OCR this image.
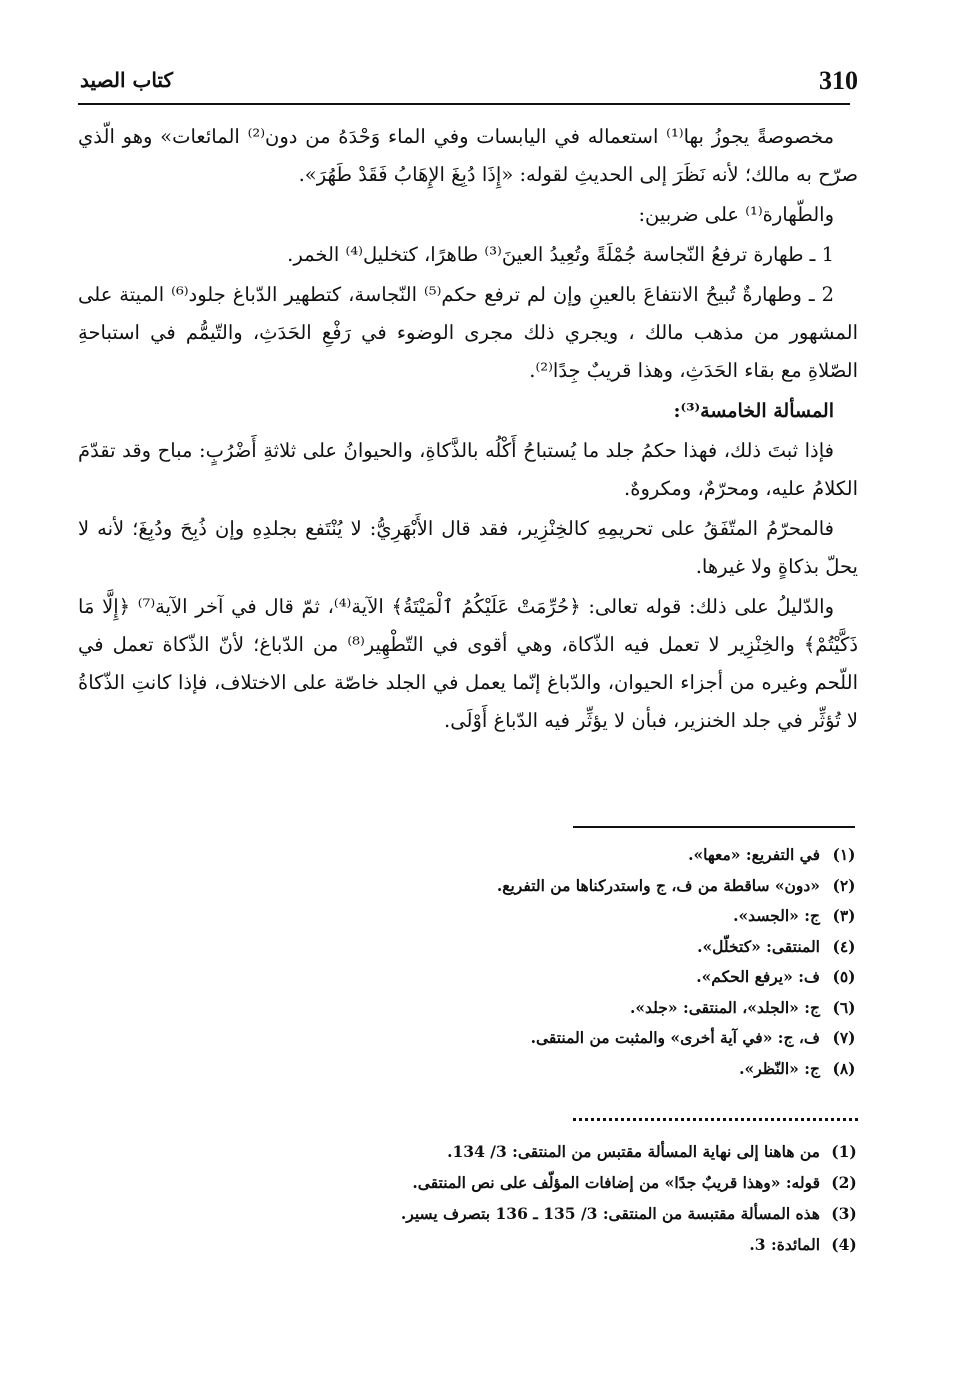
310
كتاب الصيد

مخصوصةً يجوزُ بها⁽¹⁾ استعماله في اليابسات وفي الماء وَحْدَهُ من دون⁽²⁾ المائعات» وهو الّذي صرّح به مالك؛ لأنه نَظَرَ إلى الحديثِ لقوله: «إِذَا دُبِغَ الإِهَابُ فَقَدْ طَهُرَ».

والطّهارة⁽¹⁾ على ضربين:

1 ـ طهارة ترفعُ النّجاسة جُمْلَةً وتُعِيدُ العينَ⁽³⁾ طاهرًا، كتخليل⁽⁴⁾ الخمر.

2 ـ وطهارةٌ تُبيحُ الانتفاعَ بالعينِ وإن لم ترفع حكم⁽⁵⁾ النّجاسة، كتطهير الدّباغ جلود⁽⁶⁾ الميتة على المشهور من مذهب مالك ، ويجري ذلك مجرى الوضوء في رَفْعِ الحَدَثِ، والتّيمُّم في استباحةِ الصّلاةِ مع بقاء الحَدَثِ، وهذا قريبٌ جِدًا⁽²⁾.

المسألة الخامسة⁽³⁾:

فإذا ثبتَ ذلك، فهذا حكمُ جلد ما يُستباحُ أَكْلُه بالذَّكاةِ، والحيوانُ على ثلاثةِ أَضْرُبٍ: مباح وقد تقدّمَ الكلامُ عليه، ومحرّمٌ، ومكروهٌ.

فالمحرّمُ المتّفَقُ على تحريمِهِ كالخِنْزِير، فقد قال الأَبْهَرِيُّ: لا يُنْتَفع بجلدِهِ وإن ذُبِحَ ودُبِغَ؛ لأنه لا يحلّ بذكاةٍ ولا غيرها.

والدّليلُ على ذلك: قوله تعالى: ﴿حُرِّمَتْ عَلَيْكُمُ ٱلْمَيْتَةُ﴾ الآية⁽⁴⁾، ثمّ قال في آخر الآية⁽⁷⁾ ﴿إِلَّا مَا ذَكَّيْتُمْ﴾ والخِنْزِير لا تعمل فيه الذّكاة، وهي أقوى في التّطْهِير⁽⁸⁾ من الدّباغ؛ لأنّ الذّكاة تعمل في اللّحم وغيره من أجزاء الحيوان، والدّباغ إنّما يعمل في الجلد خاصّة على الاختلاف، فإذا كانتِ الذّكاةُ لا تُؤثِّر في جلد الخنزير، فبأن لا يؤثِّر فيه الدّباغ أَوْلَى.

(١)
في التفريع: «معها».
(٢)
«دون» ساقطة من ف، ج واستدركناها من التفريع.
(٣)
ج: «الجسد».
(٤)
المنتقى: «كتخلّل».
(٥)
ف: «يرفع الحكم».
(٦)
ج: «الجلد»، المنتقى: «جلد».
(٧)
ف، ج: «في آية أخرى» والمثبت من المنتقى.
(٨)
ج: «النّظر».
(1)
من هاهنا إلى نهاية المسألة مقتبس من المنتقى: 3/ 134.
(2)
قوله: «وهذا قريبٌ جدًا» من إضافات المؤلّف على نص المنتقى.
(3)
هذه المسألة مقتبسة من المنتقى: 3/ 135 ـ 136 بتصرف يسير.
(4)
المائدة: 3.
